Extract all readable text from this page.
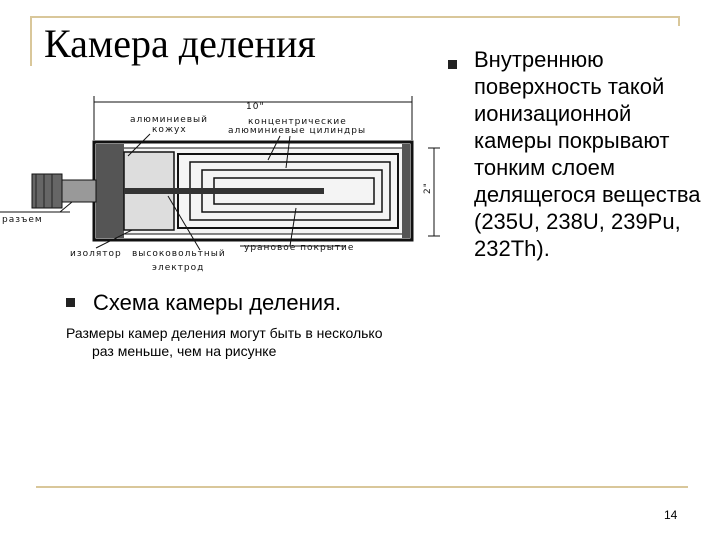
Камера деления	Внутреннюю поверхность такой ионизационной камеры покрывают тонким слоем делящегося вещества (235U, 238U, 239Pu, 232Th).
10"
концентрические
алюминиевые цилиндры
алюминиевый
кожух
2"
разъем
изолятор высоковольтный
электрод
урановое покрытие
Схема камеры деления.
Размеры камер деления могут быть в несколько раз меньше, чем на рисунке
14
